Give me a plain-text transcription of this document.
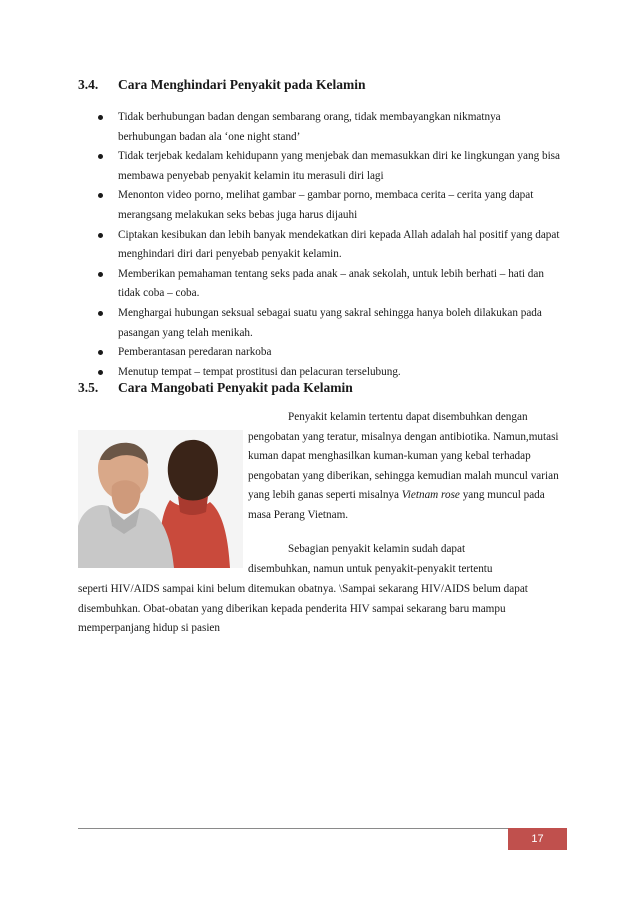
3.4. Cara Menghindari Penyakit pada Kelamin
Tidak berhubungan badan dengan sembarang orang, tidak membayangkan nikmatnya berhubungan badan ala ‘one night stand’
Tidak terjebak kedalam kehidupann yang menjebak dan memasukkan diri ke lingkungan yang bisa membawa penyebab penyakit kelamin itu merasuli diri lagi
Menonton video porno, melihat gambar – gambar porno, membaca cerita – cerita yang dapat merangsang melakukan seks bebas juga harus dijauhi
Ciptakan kesibukan dan lebih banyak mendekatkan diri kepada Allah adalah hal positif yang dapat menghindari diri dari penyebab penyakit kelamin.
Memberikan pemahaman tentang seks pada anak – anak sekolah, untuk lebih berhati – hati dan tidak coba – coba.
Menghargai hubungan seksual sebagai suatu yang sakral sehingga hanya boleh dilakukan pada pasangan yang telah menikah.
Pemberantasan peredaran narkoba
Menutup tempat – tempat prostitusi dan pelacuran terselubung.
3.5. Cara Mangobati Penyakit pada Kelamin

Penyakit kelamin tertentu dapat disembuhkan dengan pengobatan yang teratur, misalnya dengan antibiotika. Namun,mutasi kuman dapat menghasilkan kuman-kuman yang kebal terhadap pengobatan yang diberikan, sehingga kemudian malah muncul varian yang lebih ganas seperti misalnya Vietnam rose yang muncul pada masa Perang Vietnam.

Sebagian penyakit kelamin sudah dapat
disembuhkan, namun untuk penyakit-penyakit tertentu

seperti HIV/AIDS sampai kini belum ditemukan obatnya. \Sampai sekarang HIV/AIDS belum dapat disembuhkan. Obat-obatan yang diberikan kepada penderita HIV sampai sekarang baru mampu memperpanjang hidup si pasien

17
